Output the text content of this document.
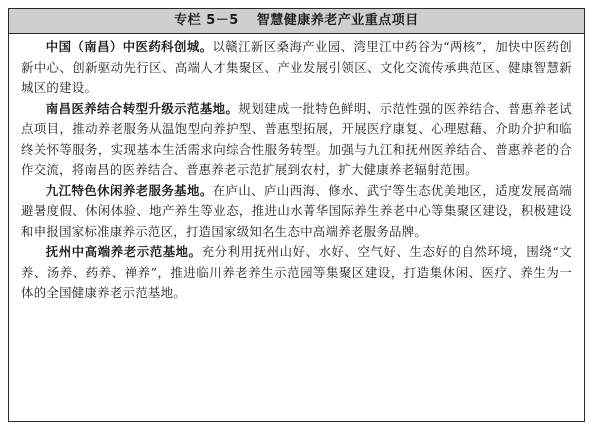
专栏 5－5 智慧健康养老产业重点项目

中国（南昌）中医药科创城。以赣江新区桑海产业园、湾里江中药谷为“两核”，加快中医药创新中心、创新驱动先行区、高端人才集聚区、产业发展引领区、文化交流传承典范区、健康智慧新城区的建设。

南昌医养结合转型升级示范基地。规划建成一批特色鲜明、示范性强的医养结合、普惠养老试点项目，推动养老服务从温饱型向养护型、普惠型拓展，开展医疗康复、心理慰藉、介助介护和临终关怀等服务，实现基本生活需求向综合性服务转型。加强与九江和抚州医养结合、普惠养老的合作交流，将南昌的医养结合、普惠养老示范扩展到农村，扩大健康养老辐射范围。

九江特色休闲养老服务基地。在庐山、庐山西海、修水、武宁等生态优美地区，适度发展高端避暑度假、休闲体验、地产养生等业态，推进山水菁华国际养生养老中心等集聚区建设，积极建设和申报国家标准康养示范区，打造国家级知名生态中高端养老服务品牌。

抚州中高端养老示范基地。充分利用抚州山好、水好、空气好、生态好的自然环境，围绕“文养、汤养、药养、禅养”，推进临川养老养生示范园等集聚区建设，打造集休闲、医疗、养生为一体的全国健康养老示范基地。
